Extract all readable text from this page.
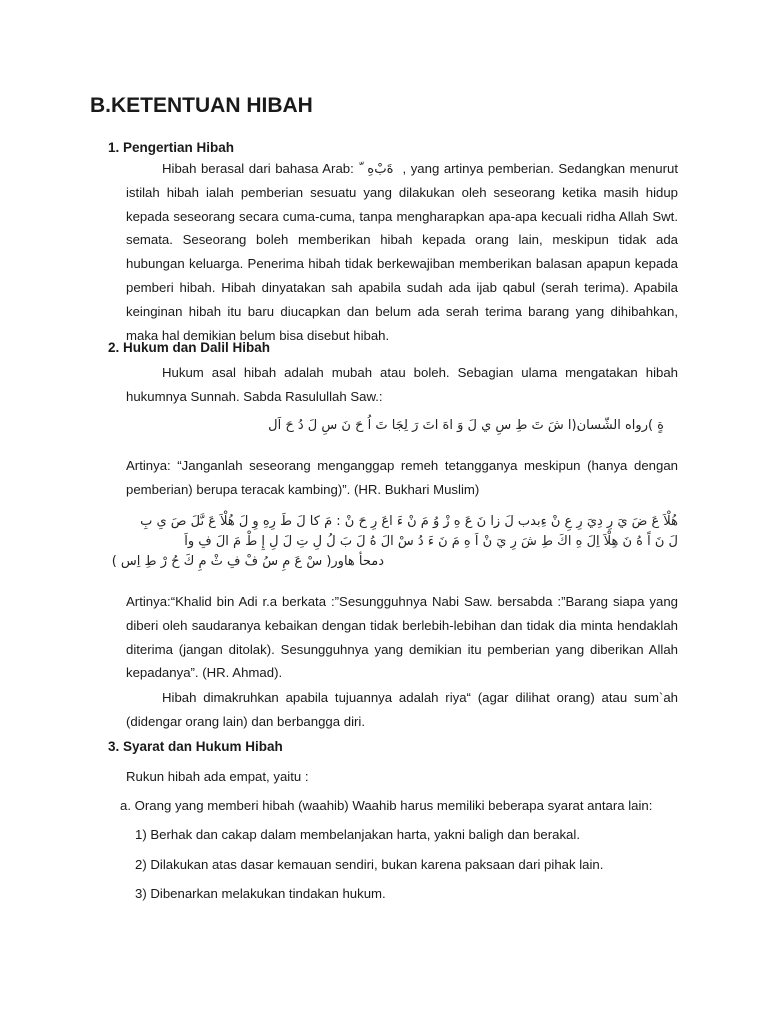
B.KETENTUAN HIBAH
1. Pengertian Hibah

Hibah berasal dari bahasa Arab: ‌ّ‌ ‌ ةَ‌بْ‌هِ‌‌ ‌ , yang artinya pemberian. Sedangkan menurut istilah hibah ialah pemberian sesuatu yang dilakukan oleh seseorang ketika masih hidup kepada seseorang secara cuma-cuma, tanpa mengharapkan apa-apa kecuali ridha Allah Swt. semata. Seseorang boleh memberikan hibah kepada orang lain, meskipun tidak ada hubungan keluarga. Penerima hibah tidak berkewajiban memberikan balasan apapun kepada pemberi hibah. Hibah dinyatakan sah apabila sudah ada ijab qabul (serah terima). Apabila keinginan hibah itu baru diucapkan dan belum ada serah terima barang yang dihibahkan, maka hal demikian belum bisa disebut hibah.

2. Hukum dan Dalil Hibah

Hukum asal hibah adalah mubah atau boleh. Sebagian ulama mengatakan hibah hukumnya Sunnah. Sabda Rasulullah Saw.:

ةٍ )رواه الشّسان(ا شَ تَ طِ سِ ي لَ وَ اهَ اتَ رَ لِجَا تَ اُ حَ نَ سِ لَ دُ حَ اَل

Artinya: “Janganlah seseorang menganggap remeh tetangganya meskipun (hanya dengan pemberian) berupa teracak kambing)”. (HR. Bukhari Muslim)

هُلْاَ عَ ضَ يَ رِ دِيَ رِ عِ نْ ءِبدب لَ زا نَ عَ هِ زْ وُ مَ نْ ءَ اعَ رِ حَ نْ : مَ كا لَ طَ رِهِ وِ لَ هُلْاَ عَ ىَّلَ صَ ىِ بِ

لَ نَ اً هُ نَ هِلْاَ اِلَ هِ اكَ طِ شَ رِ يَ نْ اَ هِ مَ نَ ءَ دُ سْ الَ هُ لَ بَ لُ لِ تِ لَ لِ إِ طْ مَ الَ فِ واَ

دمحأ هاور( سْ عَ مِ سُ فْ فِ ثْ مِ كَ حُ رْ طِ اِس )

Artinya:“Khalid bin Adi r.a berkata :”Sesungguhnya Nabi Saw. bersabda :”Barang siapa yang diberi oleh saudaranya kebaikan dengan tidak berlebih-lebihan dan tidak dia minta hendaklah diterima (jangan ditolak). Sesungguhnya yang demikian itu pemberian yang diberikan Allah kepadanya”. (HR. Ahmad).

Hibah dimakruhkan apabila tujuannya adalah riya“ (agar dilihat orang) atau sum`ah (didengar orang lain) dan berbangga diri.

3. Syarat dan Hukum Hibah

Rukun hibah ada empat, yaitu :

a. Orang yang memberi hibah (waahib) Waahib harus memiliki beberapa syarat antara lain:

1) Berhak dan cakap dalam membelanjakan harta, yakni baligh dan berakal.

2) Dilakukan atas dasar kemauan sendiri, bukan karena paksaan dari pihak lain.

3) Dibenarkan melakukan tindakan hukum.
